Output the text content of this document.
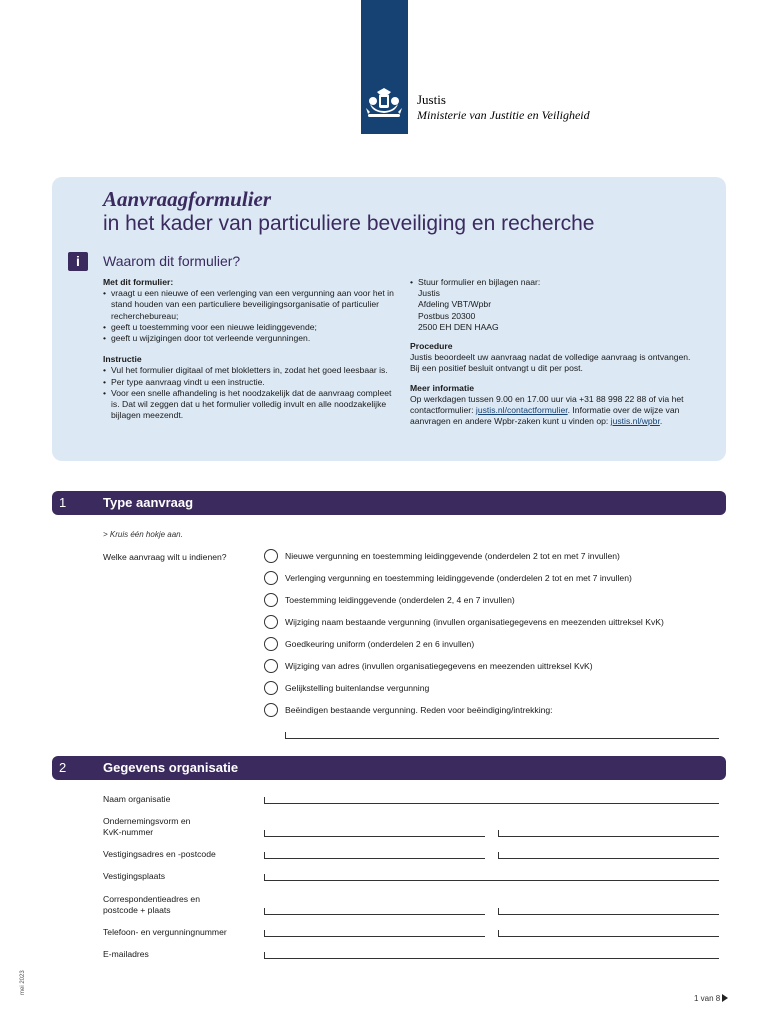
Justis
Ministerie van Justitie en Veiligheid
Aanvraagformulier
in het kader van particuliere beveiliging en recherche
i	Waarom dit formulier?
Met dit formulier:
• vraagt u een nieuwe of een verlenging van een vergunning aan voor het in stand houden van een particuliere beveiligingsorganisatie of particulier recherchebureau;
• geeft u toestemming voor een nieuwe leidinggevende;
• geeft u wijzigingen door tot verleende vergunningen.
Instructie
• Vul het formulier digitaal of met blokletters in, zodat het goed leesbaar is.
• Per type aanvraag vindt u een instructie.
• Voor een snelle afhandeling is het noodzakelijk dat de aanvraag compleet is. Dat wil zeggen dat u het formulier volledig invult en alle noodzakelijke bijlagen meezendt.
• Stuur formulier en bijlagen naar:
Justis
Afdeling VBT/Wpbr
Postbus 20300
2500 EH DEN HAAG
Procedure
Justis beoordeelt uw aanvraag nadat de volledige aanvraag is ontvangen. Bij een positief besluit ontvangt u dit per post.
Meer informatie
Op werkdagen tussen 9.00 en 17.00 uur via +31 88 998 22 88 of via het contactformulier: justis.nl/contactformulier. Informatie over de wijze van aanvragen en andere Wpbr-zaken kunt u vinden op: justis.nl/wpbr.
1	Type aanvraag
> Kruis één hokje aan.
Welke aanvraag wilt u indienen?	Nieuwe vergunning en toestemming leidinggevende (onderdelen 2 tot en met 7 invullen)
Verlenging vergunning en toestemming leidinggevende (onderdelen 2 tot en met 7 invullen)
Toestemming leidinggevende (onderdelen 2, 4 en 7 invullen)
Wijziging naam bestaande vergunning (invullen organisatiegegevens en meezenden uittreksel KvK)
Goedkeuring uniform (onderdelen 2 en 6 invullen)
Wijziging van adres (invullen organisatiegegevens en meezenden uittreksel KvK)
Gelijkstelling buitenlandse vergunning
Beëindigen bestaande vergunning. Reden voor beëindiging/intrekking:
2	Gegevens organisatie
Naam organisatie
Ondernemingsvorm en
KvK-nummer
Vestigingsadres en -postcode
Vestigingsplaats
Correspondentieadres en
postcode + plaats
Telefoon- en vergunningnummer
E-mailadres
mei 2023
1 van 8
